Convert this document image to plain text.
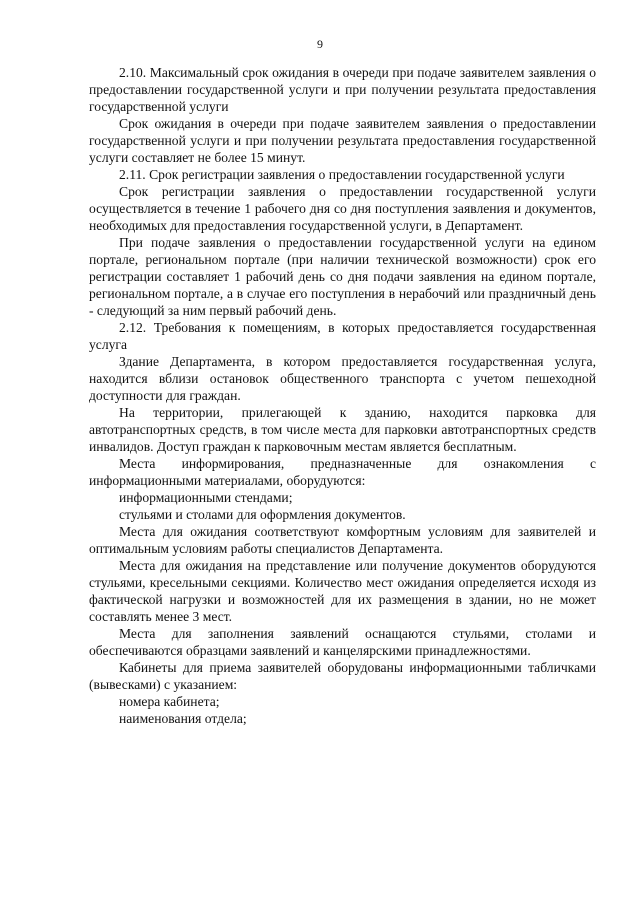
9

2.10. Максимальный срок ожидания в очереди при подаче заявителем заявления о предоставлении государственной услуги и при получении результата предоставления государственной услуги

Срок ожидания в очереди при подаче заявителем заявления о предоставлении государственной услуги и при получении результата предоставления государственной услуги составляет не более 15 минут.

2.11. Срок регистрации заявления о предоставлении государственной услуги

Срок регистрации заявления о предоставлении государственной услуги осуществляется в течение 1 рабочего дня со дня поступления заявления и документов, необходимых для предоставления государственной услуги, в Департамент.

При подаче заявления о предоставлении государственной услуги на едином портале, региональном портале (при наличии технической возможности) срок его регистрации составляет 1 рабочий день со дня подачи заявления на едином портале, региональном портале, а в случае его поступления в нерабочий или праздничный день - следующий за ним первый рабочий день.

2.12. Требования к помещениям, в которых предоставляется государственная услуга

Здание Департамента, в котором предоставляется государственная услуга, находится вблизи остановок общественного транспорта с учетом пешеходной доступности для граждан.

На территории, прилегающей к зданию, находится парковка для автотранспортных средств, в том числе места для парковки автотранспортных средств инвалидов. Доступ граждан к парковочным местам является бесплатным.

Места информирования, предназначенные для ознакомления с информационными материалами, оборудуются:

информационными стендами;

стульями и столами для оформления документов.

Места для ожидания соответствуют комфортным условиям для заявителей и оптимальным условиям работы специалистов Департамента.

Места для ожидания на представление или получение документов оборудуются стульями, кресельными секциями. Количество мест ожидания определяется исходя из фактической нагрузки и возможностей для их размещения в здании, но не может составлять менее 3 мест.

Места для заполнения заявлений оснащаются стульями, столами и обеспечиваются образцами заявлений и канцелярскими принадлежностями.

Кабинеты для приема заявителей оборудованы информационными табличками (вывесками) с указанием:

номера кабинета;

наименования отдела;
